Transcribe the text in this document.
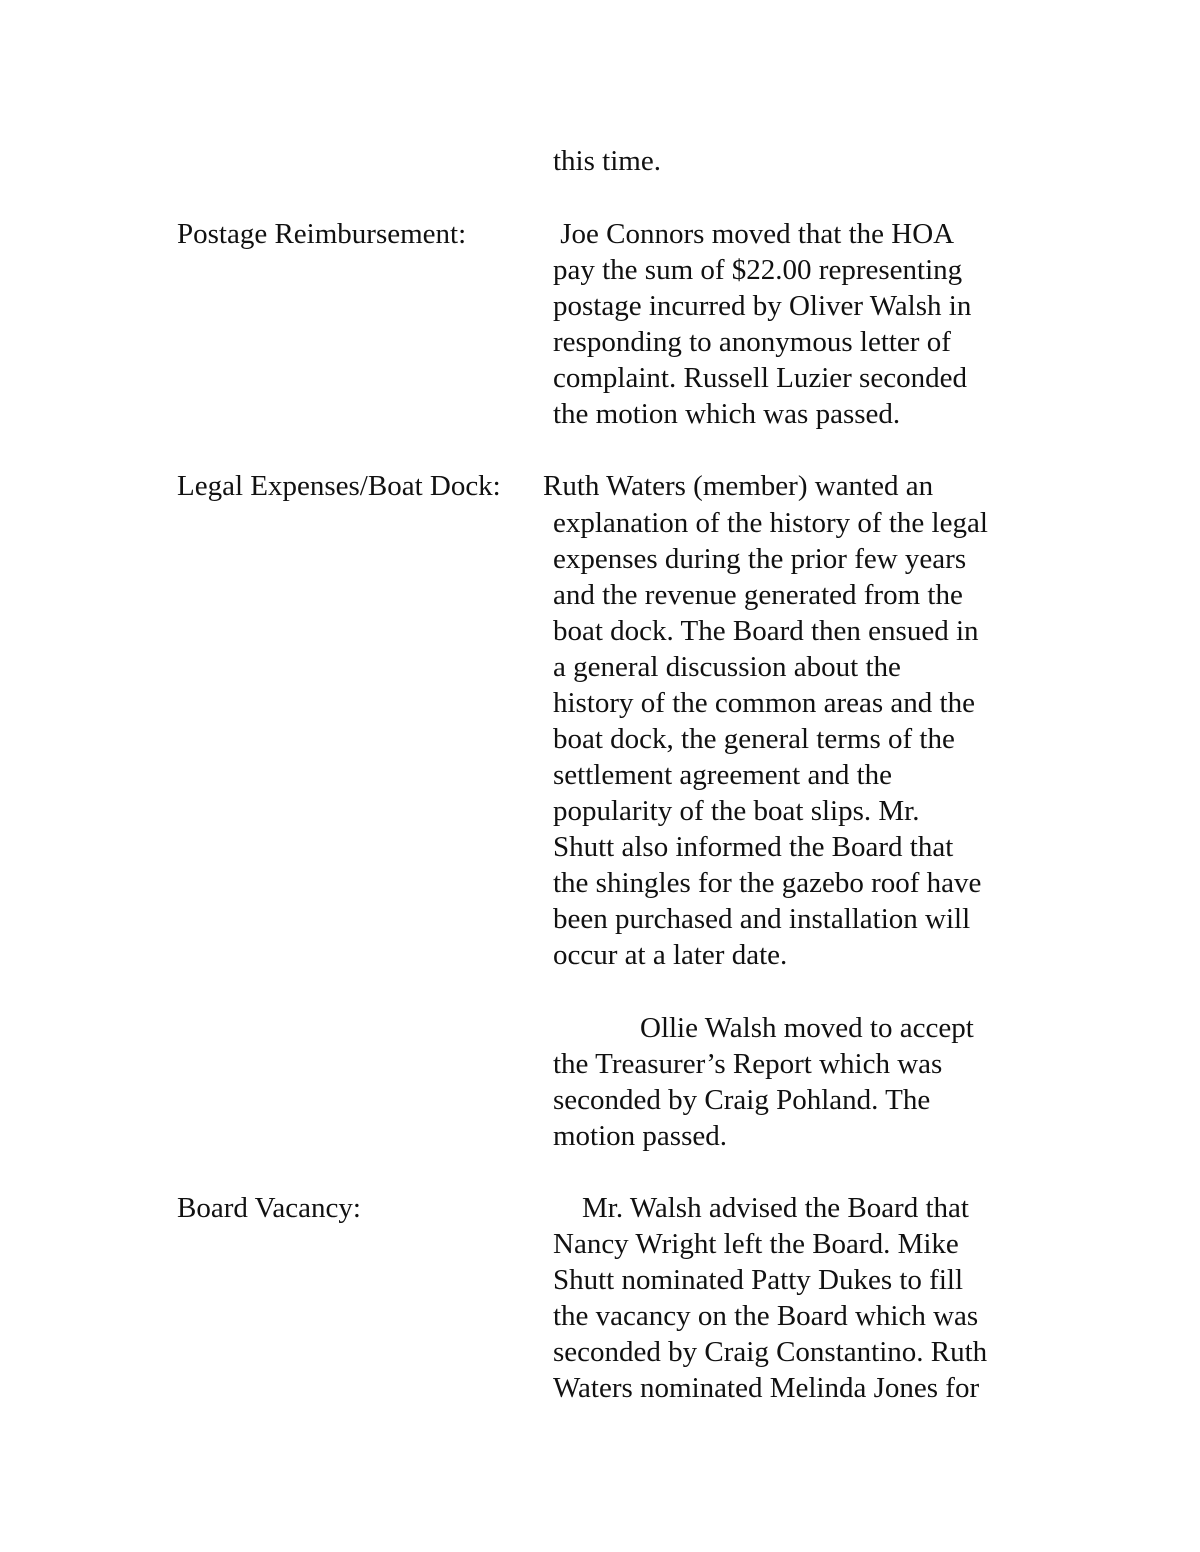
this time.

Postage Reimbursement:	Joe Connors moved that the HOA

pay the sum of $22.00 representing

postage incurred by Oliver Walsh in

responding to anonymous letter of

complaint. Russell Luzier seconded

the motion which was passed.

Legal Expenses/Boat Dock: Ruth Waters (member) wanted an

explanation of the history of the legal

expenses during the prior few years

and the revenue generated from the

boat dock. The Board then ensued in

a general discussion about the

history of the common areas and the

boat dock, the general terms of the

settlement agreement and the

popularity of the boat slips. Mr.

Shutt also informed the Board that

the shingles for the gazebo roof have

been purchased and installation will

occur at a later date.

Ollie Walsh moved to accept

the Treasurer’s Report which was

seconded by Craig Pohland. The

motion passed.

Board Vacancy:	Mr. Walsh advised the Board that

Nancy Wright left the Board. Mike

Shutt nominated Patty Dukes to fill

the vacancy on the Board which was

seconded by Craig Constantino. Ruth

Waters nominated Melinda Jones for
